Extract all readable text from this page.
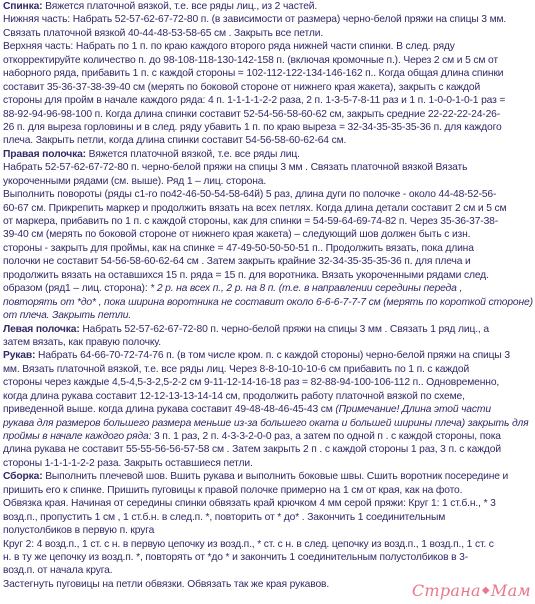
Спинка: Вяжется платочной вязкой, т.е. все ряды лиц., из 2 частей.
Нижняя часть: Набрать 52-57-62-67-72-80 п. (в зависимости от размера) черно-белой пряжи на спицы 3 мм.
Связать платочной вязкой 40-44-48-53-58-65 см . Закрыть все петли.
Верхняя часть: Набрать по 1 п. по краю каждого второго ряда нижней части спинки. В след. ряду
откорректируйте количество п. до 98-108-118-130-142-158 п. (включая кромочные п.). Через 2 см и 5 см от
наборного ряда, прибавить 1 п. с каждой стороны = 102-112-122-134-146-162 п.. Когда общая длина спинки
составит 35-36-37-38-39-40 см (мерять по боковой стороне от нижнего края жакета), закрыть с каждой
стороны для пройм в начале каждого ряда: 4 п. 1-1-1-1-2-2 раза, 2 п. 1-3-5-7-8-11 раз и 1 п. 1-0-0-1-0-1 раз =
88-92-94-96-98-100 п. Когда длина спинки составит 52-54-56-58-60-62 см, закрыть средние 22-22-22-24-26-
26 п. для выреза горловины и в след. ряду убавить 1 п. по краю выреза = 32-34-35-35-35-36 п. для каждого
плеча. Закрыть петли, когда длина спинки составит 54-56-58-60-62-64 см.
Правая полочка: Вяжется платочной вязкой, т.е. все ряды лиц.
Набрать 52-57-62-67-72-80 п. черно-белой пряжи на спицы 3 мм . Связать платочной вязкой Вязать
укороченными рядами (см. выше). Ряд 1 – лиц. сторона.
Выполнить повороты (ряды с1-го по42-46-50-54-58-64й) 5 раз, длина дуги по полочке - около 44-48-52-56-
60-67 см. Прикрепить маркер и продолжить вязать на всех петлях. Когда длина детали составит 2 см и 5 см
от маркера, прибавить по 1 п. с каждой стороны, как для спинки = 54-59-64-69-74-82 п. Через 35-36-37-38-
39-40 см (мерять по боковой стороне от нижнего края жакета) – следующий шов должен быть с изн.
стороны - закрыть для проймы, как на спинке = 47-49-50-50-50-51 п.. Продолжить вязать, пока длина
полочки не составит 54-56-58-60-62-64 см . Затем закрыть крайние 32-34-35-35-35-36 п. для плеча и
продолжить вязать на оставшихся 15 п. ряда = 15 п. для воротника. Вязать укороченными рядами след.
образом (ряд1 – лиц. сторона): * 2 р. на всех п., 2 р. на 8 п. (т.е. в направлении середины переда ,
повторять от *до* , пока ширина воротника не составит около 6-6-6-7-7-7 см (мерять по короткой стороне)
от плеча. Закрыть петли.
Левая полочка: Набрать 52-57-62-67-72-80 п. черно-белой пряжи на спицы 3 мм . Связать 1 ряд лиц., а
затем вязать, как правую полочку.
Рукав: Набрать 64-66-70-72-74-76 п. (в том числе кром. п. с каждой стороны) черно-белой пряжи на спицы 3
мм. Вязать платочной вязкой, т.е. все ряды лиц. Через 8-8-10-10-10-6 см прибавить по 1 п. с каждой
стороны через каждые 4,5-4,5-3-2,5-2-2 см 9-11-12-14-16-18 раз = 82-88-94-100-106-112 п.. Одновременно,
когда длина рукава составит 12-12-13-13-14-14 см, продолжить работу платочной вязкой по схеме,
приведенной выше. когда длина рукава составит 49-48-48-46-45-43 см (Примечание! Длина этой части
рукава для размеров большего размера меньше из-за большего оката и большей ширины плеча) закрыть для
проймы в начале каждого ряда: 3 п. 1 раз, 2 п. 4-3-3-2-0-0 раз, а затем по одной п . с каждой стороны, пока
длина рукава не составит 55-55-56-56-57-58 см . Затем закрыть 2 п . с каждой стороны 1 раз, 3 п. с каждой
стороны 1-1-1-1-2-2 раза. Закрыть оставшиеся петли.
Сборка: Выполнить плечевой шов. Вшить рукава и выполнить боковые швы. Сшить воротник посередине и
пришить его к спинке. Пришить пуговицы к правой полочке примерно на 1 см от края, как на фото.
Обвязка края. Начиная от середины спинки обвязать край крючком 4 мм серой пряжи: Круг 1: 1 ст.б.н., * 3
возд.п., пропустить 1 см , 1 ст.б.н. в след.п. *, повторить от * до* . Закончить 1 соединительным
полустолбиков в первую п. круга
Круг 2: 4 возд.п., 1 ст. с н. в первую цепочку из возд.п., * ст. с н. в след. цепочку из возд.п., 1 возд.п., 1 ст. с
н. в ту же цепочку из возд.п. *, повторять от *до * и закончить 1 соединительным полустолбиков в 3-
возд.п. от начала круга.
Застегнуть пуговицы на петли обвязки. Обвязать так же края рукавов.	Страна◆Мам
